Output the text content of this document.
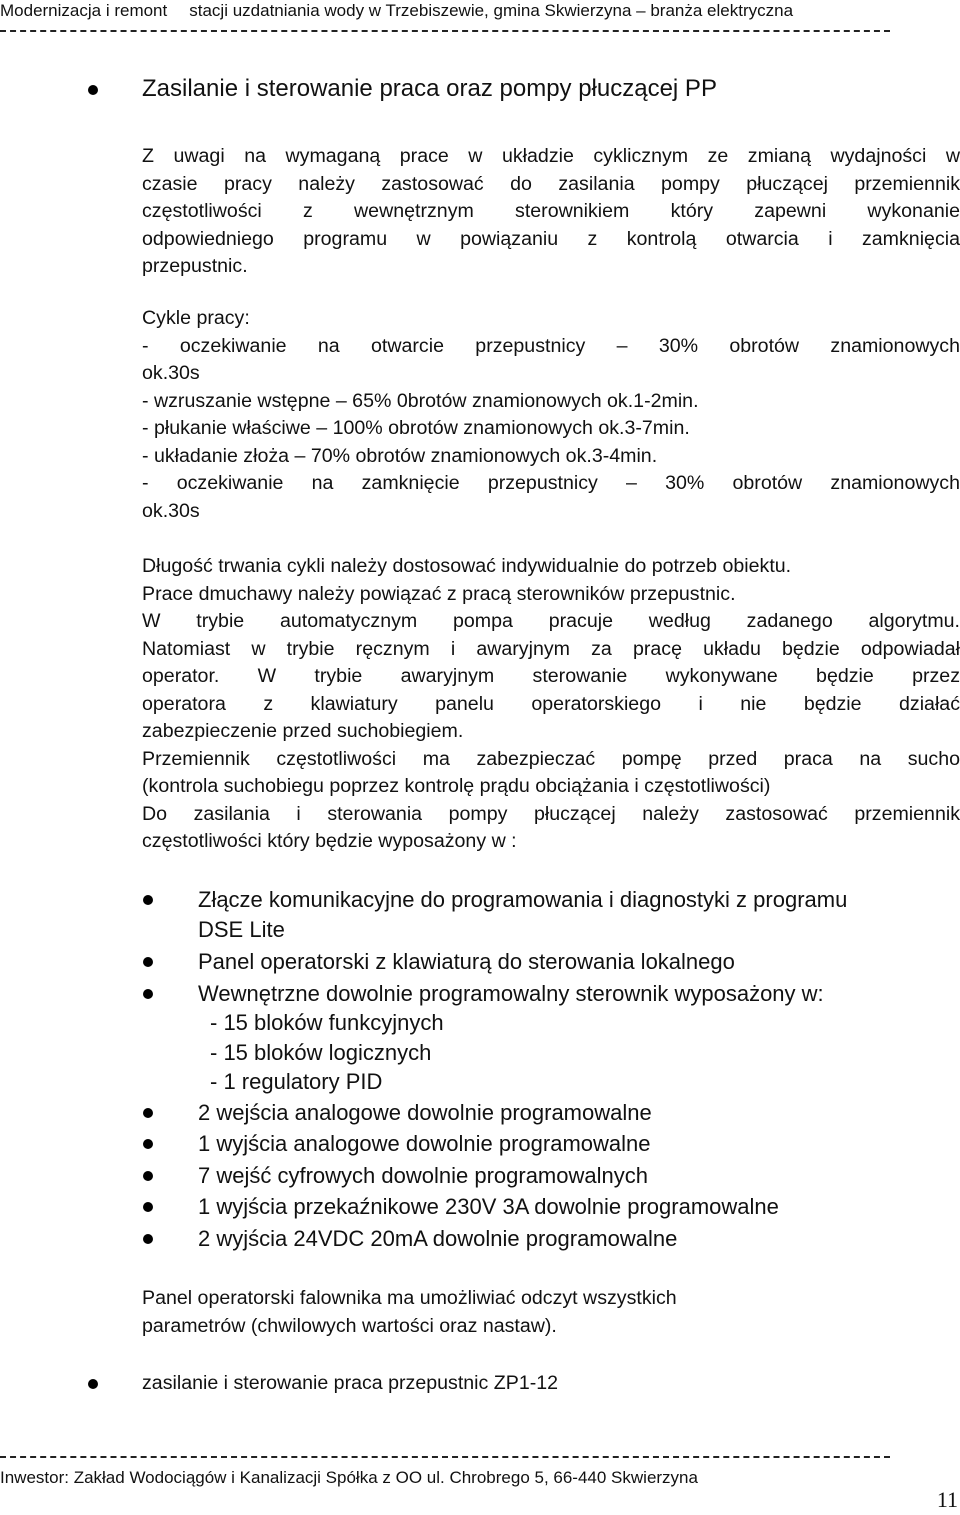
Modernizacja i remont stacji uzdatniania wody w Trzebiszewie, gmina Skwierzyna – branża elektryczna
Zasilanie i sterowanie praca oraz pompy płuczącej PP
Z uwagi na wymaganą prace w układzie cyklicznym ze zmianą wydajności w
czasie pracy należy zastosować do zasilania pompy płuczącej przemiennik
częstotliwości z wewnętrznym sterownikiem który zapewni wykonanie
odpowiedniego programu w powiązaniu z kontrolą otwarcia i zamknięcia
przepustnic.
Cykle pracy:
- oczekiwanie na otwarcie przepustnicy – 30% obrotów znamionowych
ok.30s
- wzruszanie wstępne – 65% 0brotów znamionowych ok.1-2min.
- płukanie właściwe – 100% obrotów znamionowych ok.3-7min.
- układanie złoża – 70% obrotów znamionowych ok.3-4min.
- oczekiwanie na zamknięcie przepustnicy – 30% obrotów znamionowych
ok.30s
Długość trwania cykli należy dostosować indywidualnie do potrzeb obiektu.
Prace dmuchawy należy powiązać z pracą sterowników przepustnic.
W trybie automatycznym pompa pracuje według zadanego algorytmu.
Natomiast w trybie ręcznym i awaryjnym za pracę układu będzie odpowiadał
operator. W trybie awaryjnym sterowanie wykonywane będzie przez
operatora z klawiatury panelu operatorskiego i nie będzie działać
zabezpieczenie przed suchobiegiem.
Przemiennik częstotliwości ma zabezpieczać pompę przed praca na sucho
(kontrola suchobiegu poprzez kontrolę prądu obciążania i częstotliwości)
Do zasilania i sterowania pompy płuczącej należy zastosować przemiennik
częstotliwości który będzie wyposażony w :
Złącze komunikacyjne do programowania i diagnostyki z programu
DSE Lite
Panel operatorski z klawiaturą do sterowania lokalnego
Wewnętrzne dowolnie programowalny sterownik wyposażony w:
- 15 bloków funkcyjnych
- 15 bloków logicznych
- 1 regulatory PID
2 wejścia analogowe dowolnie programowalne
1 wyjścia analogowe dowolnie programowalne
7 wejść cyfrowych dowolnie programowalnych
1 wyjścia przekaźnikowe 230V 3A dowolnie programowalne
2 wyjścia 24VDC 20mA dowolnie programowalne
Panel operatorski falownika ma umożliwiać odczyt wszystkich
parametrów (chwilowych wartości oraz nastaw).
zasilanie i sterowanie praca przepustnic ZP1-12
Inwestor: Zakład Wodociągów i Kanalizacji Spółka z OO ul. Chrobrego 5, 66-440 Skwierzyna
11
